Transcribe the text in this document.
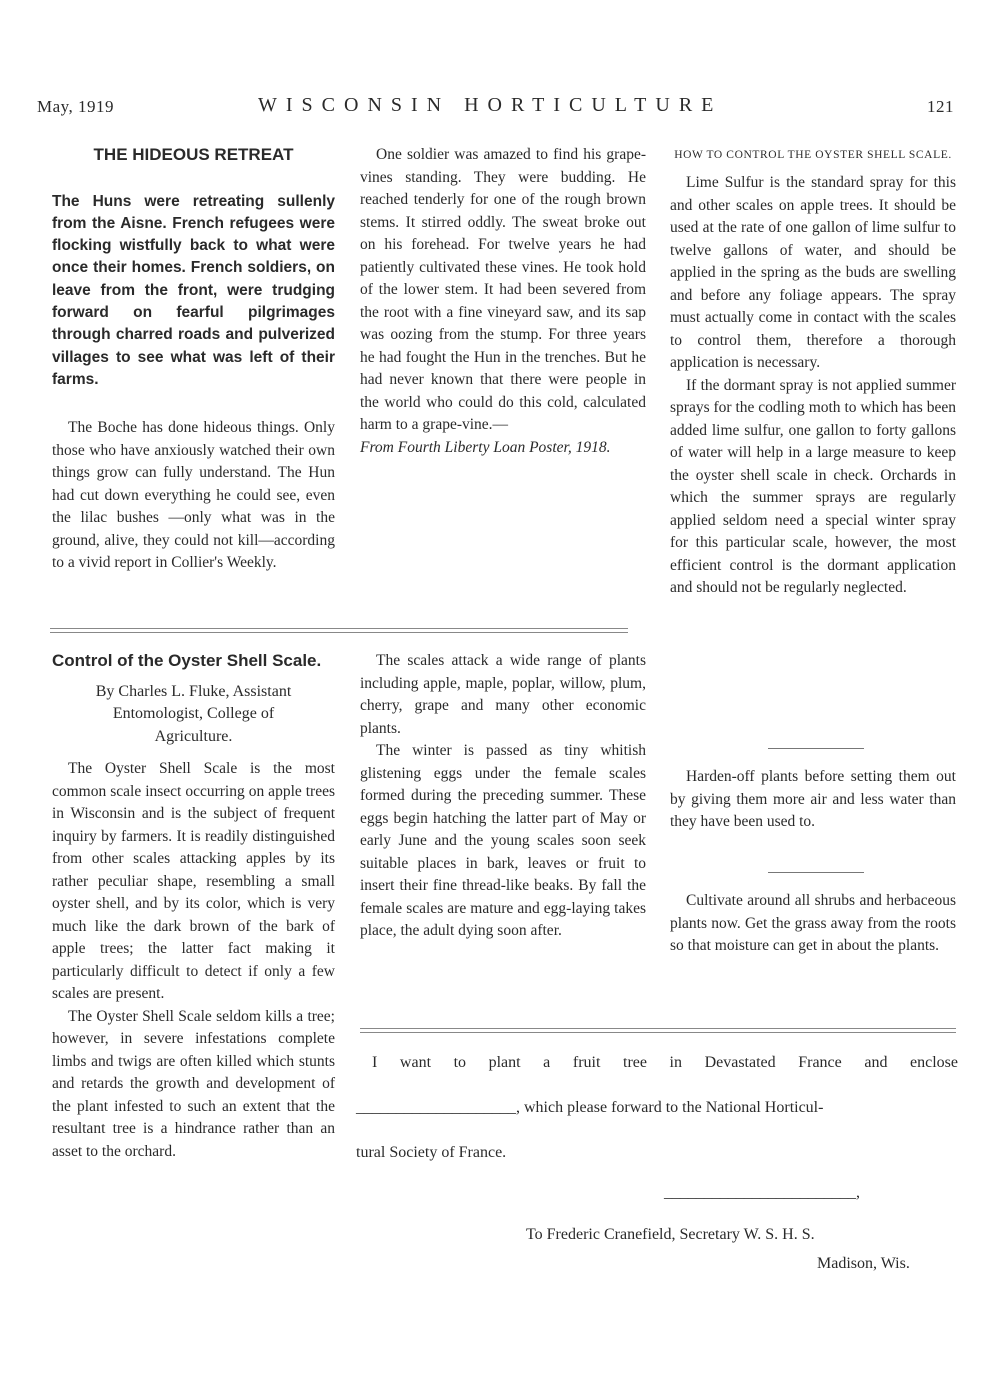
May, 1919	WISCONSIN HORTICULTURE	121

THE HIDEOUS RETREAT

The Huns were retreating sullenly from the Aisne. French refugees were flocking wistfully back to what were once their homes. French soldiers, on leave from the front, were trudging forward on fearful pilgrimages through charred roads and pulverized villages to see what was left of their farms.

The Boche has done hideous things. Only those who have anxiously watched their own things grow can fully understand. The Hun had cut down everything he could see, even the lilac bushes —only what was in the ground, alive, they could not kill—according to a vivid report in Collier's Weekly.

One soldier was amazed to find his grape-vines standing. They were budding. He reached tenderly for one of the rough brown stems. It stirred oddly. The sweat broke out on his forehead. For twelve years he had patiently cultivated these vines. He took hold of the lower stem. It had been severed from the root with a fine vineyard saw, and its sap was oozing from the stump. For three years he had fought the Hun in the trenches. But he had never known that there were people in the world who could do this cold, calculated harm to a grape-vine.—

From Fourth Liberty Loan Poster, 1918.

Control of the Oyster Shell Scale.

By Charles L. Fluke, Assistant
Entomologist, College of
Agriculture.

The Oyster Shell Scale is the most common scale insect occurring on apple trees in Wisconsin and is the subject of frequent inquiry by farmers. It is readily distinguished from other scales attacking apples by its rather peculiar shape, resembling a small oyster shell, and by its color, which is very much like the dark brown of the bark of apple trees; the latter fact making it particularly difficult to detect if only a few scales are present.

The Oyster Shell Scale seldom kills a tree; however, in severe infestations complete limbs and twigs are often killed which stunts and retards the growth and development of the plant infested to such an extent that the resultant tree is a hindrance rather than an asset to the orchard.

The scales attack a wide range of plants including apple, maple, poplar, willow, plum, cherry, grape and many other economic plants.

The winter is passed as tiny whitish glistening eggs under the female scales formed during the preceding summer. These eggs begin hatching the latter part of May or early June and the young scales soon seek suitable places in bark, leaves or fruit to insert their fine thread-like beaks. By fall the female scales are mature and egg-laying takes place, the adult dying soon after.

HOW TO CONTROL THE OYSTER SHELL SCALE.

Lime Sulfur is the standard spray for this and other scales on apple trees. It should be used at the rate of one gallon of lime sulfur to twelve gallons of water, and should be applied in the spring as the buds are swelling and before any foliage appears. The spray must actually come in contact with the scales to control them, therefore a thorough application is necessary.

If the dormant spray is not applied summer sprays for the codling moth to which has been added lime sulfur, one gallon to forty gallons of water will help in a large measure to keep the oyster shell scale in check. Orchards in which the summer sprays are regularly applied seldom need a special winter spray for this particular scale, however, the most efficient control is the dormant application and should not be regularly neglected.

Harden-off plants before setting them out by giving them more air and less water than they have been used to.

Cultivate around all shrubs and herbaceous plants now. Get the grass away from the roots so that moisture can get in about the plants.

I want to plant a fruit tree in Devastated France and enclose
____________________, which please forward to the National Horticul-
tural Society of France.
________________________,
To Frederic Cranefield, Secretary W. S. H. S.
Madison, Wis.
